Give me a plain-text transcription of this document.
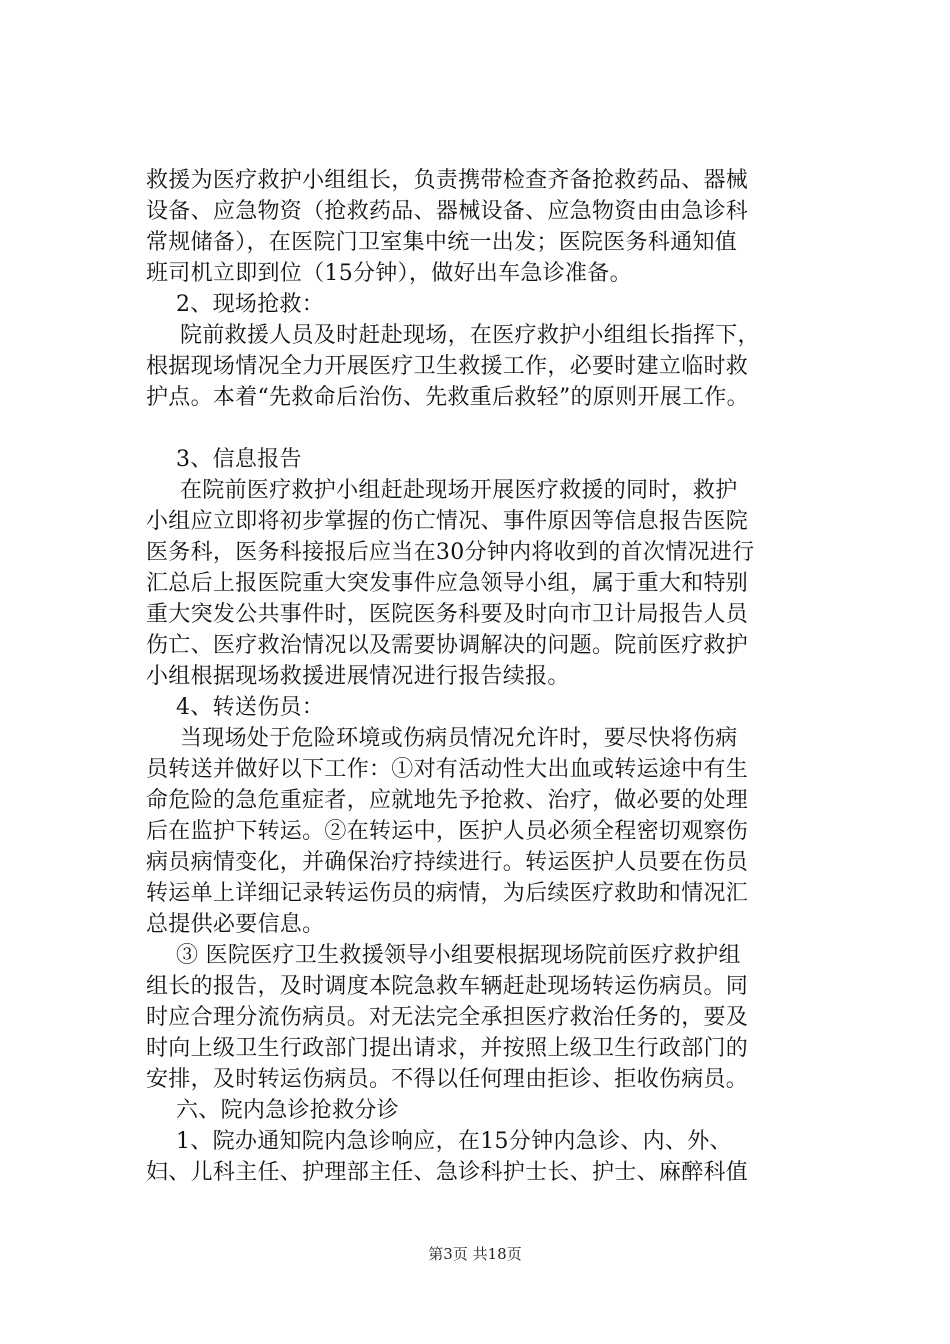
救援为医疗救护小组组长，负责携带检查齐备抢救药品、器械
设备、应急物资（抢救药品、器械设备、应急物资由由急诊科
常规储备），在医院门卫室集中统一出发；医院医务科通知值
班司机立即到位（15分钟），做好出车急诊准备。
2、现场抢救：
院前救援人员及时赶赴现场，在医疗救护小组组长指挥下，
根据现场情况全力开展医疗卫生救援工作，必要时建立临时救
护点。本着“先救命后治伤、先救重后救轻”的原则开展工作。
3、信息报告
在院前医疗救护小组赶赴现场开展医疗救援的同时，救护
小组应立即将初步掌握的伤亡情况、事件原因等信息报告医院
医务科，医务科接报后应当在30分钟内将收到的首次情况进行
汇总后上报医院重大突发事件应急领导小组，属于重大和特别
重大突发公共事件时，医院医务科要及时向市卫计局报告人员
伤亡、医疗救治情况以及需要协调解决的问题。院前医疗救护
小组根据现场救援进展情况进行报告续报。
4、转送伤员：
当现场处于危险环境或伤病员情况允许时，要尽快将伤病
员转送并做好以下工作：①对有活动性大出血或转运途中有生
命危险的急危重症者，应就地先予抢救、治疗，做必要的处理
后在监护下转运。②在转运中，医护人员必须全程密切观察伤
病员病情变化，并确保治疗持续进行。转运医护人员要在伤员
转运单上详细记录转运伤员的病情，为后续医疗救助和情况汇
总提供必要信息。
③ 医院医疗卫生救援领导小组要根据现场院前医疗救护组
组长的报告，及时调度本院急救车辆赶赴现场转运伤病员。同
时应合理分流伤病员。对无法完全承担医疗救治任务的，要及
时向上级卫生行政部门提出请求，并按照上级卫生行政部门的
安排，及时转运伤病员。不得以任何理由拒诊、拒收伤病员。
六、院内急诊抢救分诊
1、院办通知院内急诊响应，在15分钟内急诊、内、外、
妇、儿科主任、护理部主任、急诊科护士长、护士、麻醉科值
第3页 共18页
